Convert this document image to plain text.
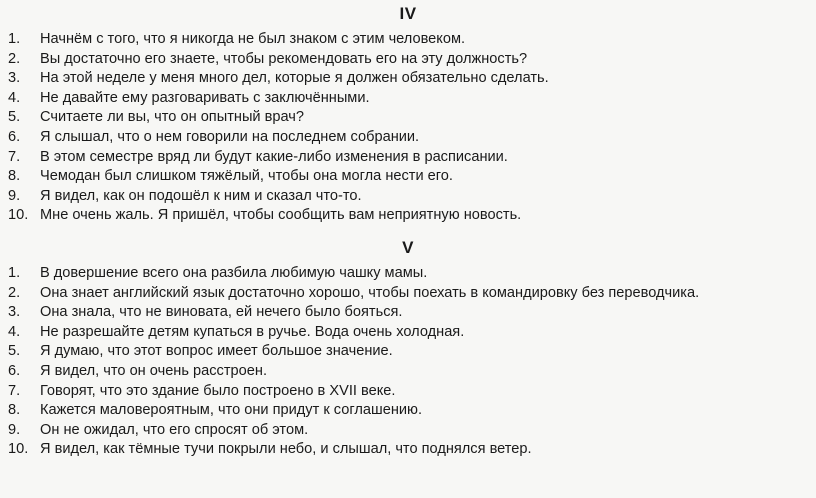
IV
1.	Начнём с того, что я никогда не был знаком с этим человеком.
2.	Вы достаточно его знаете, чтобы рекомендовать его на эту должность?
3.	На этой неделе у меня много дел, которые я должен обязательно сделать.
4.	Не давайте ему разговаривать с заключёнными.
5.	Считаете ли вы, что он опытный врач?
6.	Я слышал, что о нем говорили на последнем собрании.
7.	В этом семестре вряд ли будут какие-либо изменения в расписании.
8.	Чемодан был слишком тяжёлый, чтобы она могла нести его.
9.	Я видел, как он подошёл к ним и сказал что-то.
10. Мне очень жаль. Я пришёл, чтобы сообщить вам неприятную новость.
V
1.	В довершение всего она разбила любимую чашку мамы.
2.	Она знает английский язык достаточно хорошо, чтобы поехать в командировку без переводчика.
3.	Она знала, что не виновата, ей нечего было бояться.
4.	Не разрешайте детям купаться в ручье. Вода очень холодная.
5.	Я думаю, что этот вопрос имеет большое значение.
6.	Я видел, что он очень расстроен.
7.	Говорят, что это здание было построено в XVII веке.
8.	Кажется маловероятным, что они придут к соглашению.
9.	Он не ожидал, что его спросят об этом.
10. Я видел, как тёмные тучи покрыли небо, и слышал, что поднялся ветер.
